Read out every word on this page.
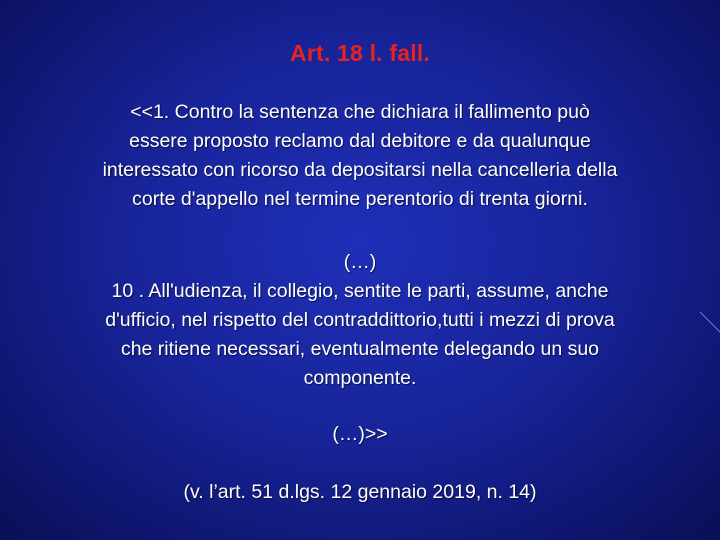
Art. 18 l. fall.
<<1. Contro la sentenza che dichiara il fallimento può
essere proposto reclamo dal debitore e da qualunque
interessato con ricorso da depositarsi nella cancelleria della
corte d'appello nel termine perentorio di trenta giorni.
(…)
10 . All'udienza, il collegio, sentite le parti, assume, anche
d'ufficio, nel rispetto del contraddittorio,tutti i mezzi di prova
che ritiene necessari, eventualmente delegando un suo
componente.
(…)>>
(v. l’art. 51 d.lgs. 12 gennaio 2019, n. 14)
